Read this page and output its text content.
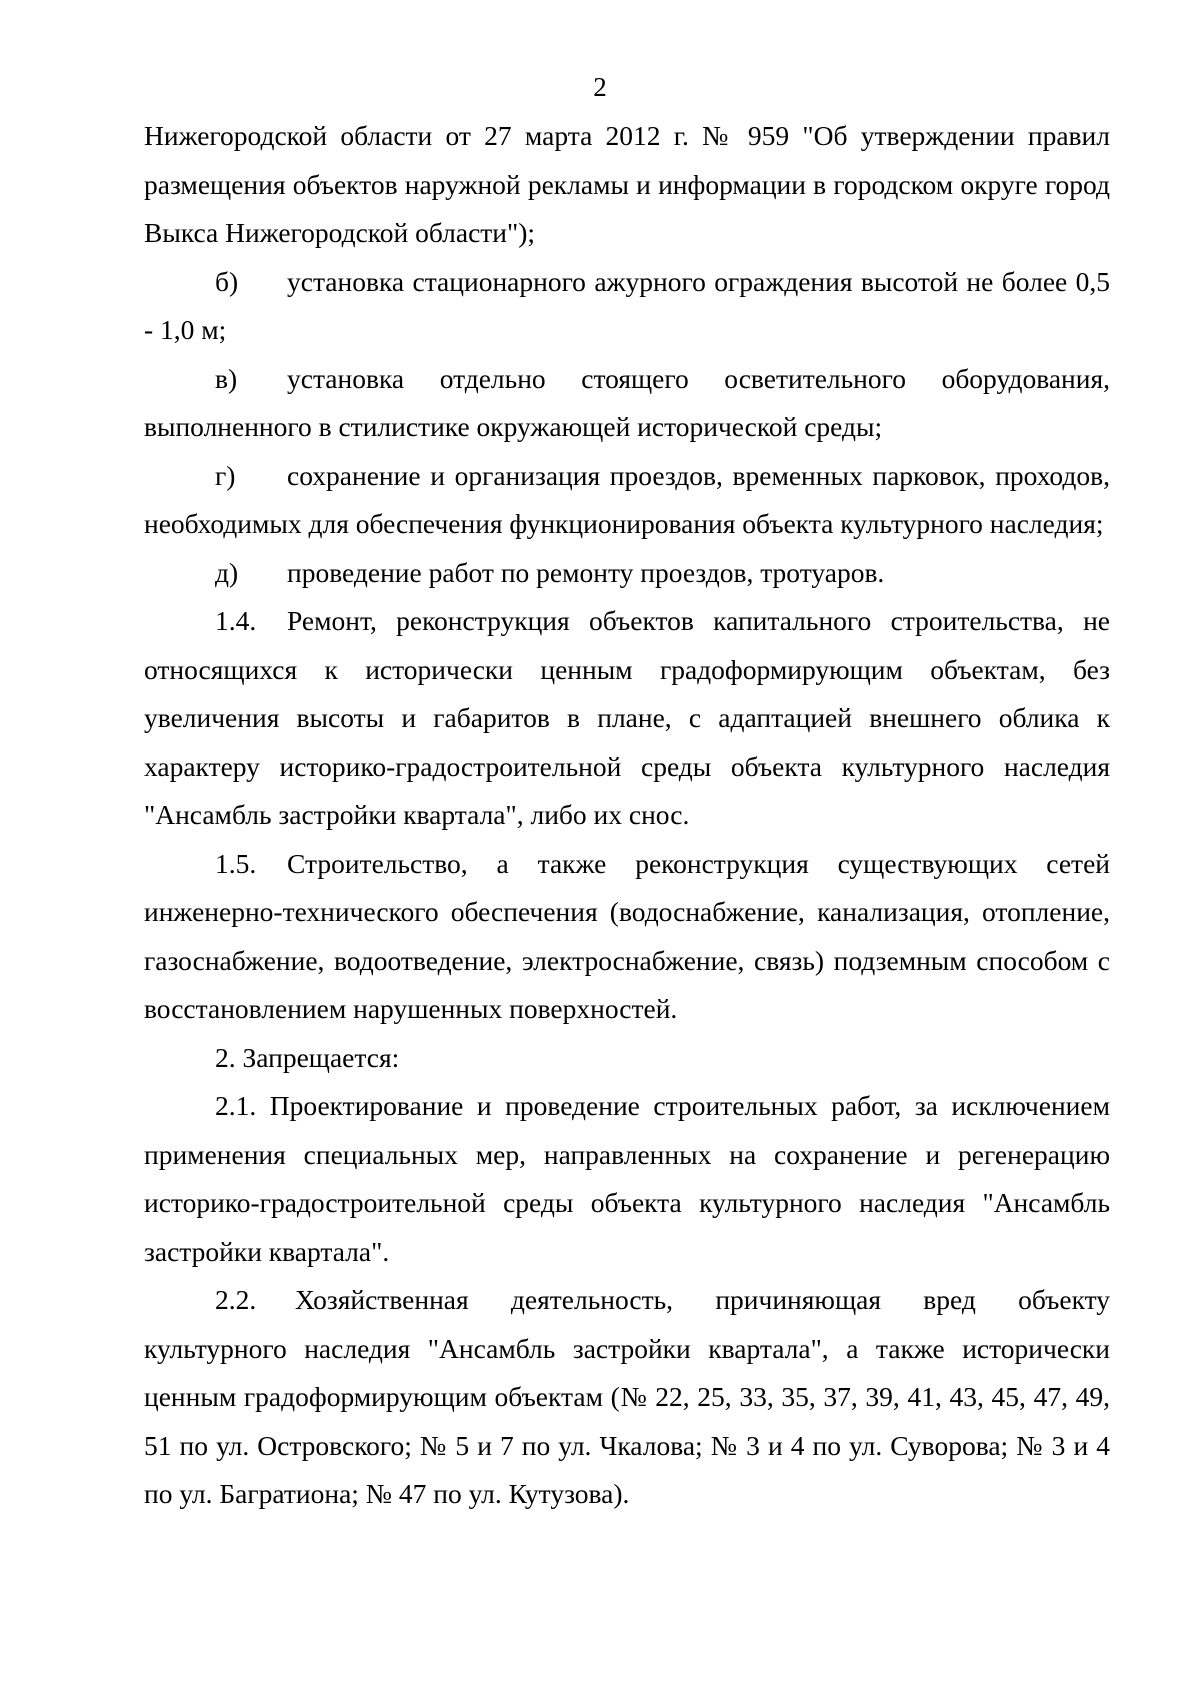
2

Нижегородской области от 27 марта 2012 г. № 959 "Об утверждении правил размещения объектов наружной рекламы и информации в городском округе город Выкса Нижегородской области");

б) установка стационарного ажурного ограждения высотой не более 0,5 - 1,0 м;

в) установка отдельно стоящего осветительного оборудования, выполненного в стилистике окружающей исторической среды;

г) сохранение и организация проездов, временных парковок, проходов, необходимых для обеспечения функционирования объекта культурного наследия;

д) проведение работ по ремонту проездов, тротуаров.

1.4. Ремонт, реконструкция объектов капитального строительства, не относящихся к исторически ценным градоформирующим объектам, без увеличения высоты и габаритов в плане, с адаптацией внешнего облика к характеру историко-градостроительной среды объекта культурного наследия "Ансамбль застройки квартала", либо их снос.

1.5. Строительство, а также реконструкция существующих сетей инженерно-технического обеспечения (водоснабжение, канализация, отопление, газоснабжение, водоотведение, электроснабжение, связь) подземным способом с восстановлением нарушенных поверхностей.

2. Запрещается:

2.1. Проектирование и проведение строительных работ, за исключением применения специальных мер, направленных на сохранение и регенерацию историко-градостроительной среды объекта культурного наследия "Ансамбль застройки квартала".

2.2. Хозяйственная деятельность, причиняющая вред объекту культурного наследия "Ансамбль застройки квартала", а также исторически ценным градоформирующим объектам (№ 22, 25, 33, 35, 37, 39, 41, 43, 45, 47, 49, 51 по ул. Островского; № 5 и 7 по ул. Чкалова; № 3 и 4 по ул. Суворова; № 3 и 4 по ул. Багратиона; № 47 по ул. Кутузова).
